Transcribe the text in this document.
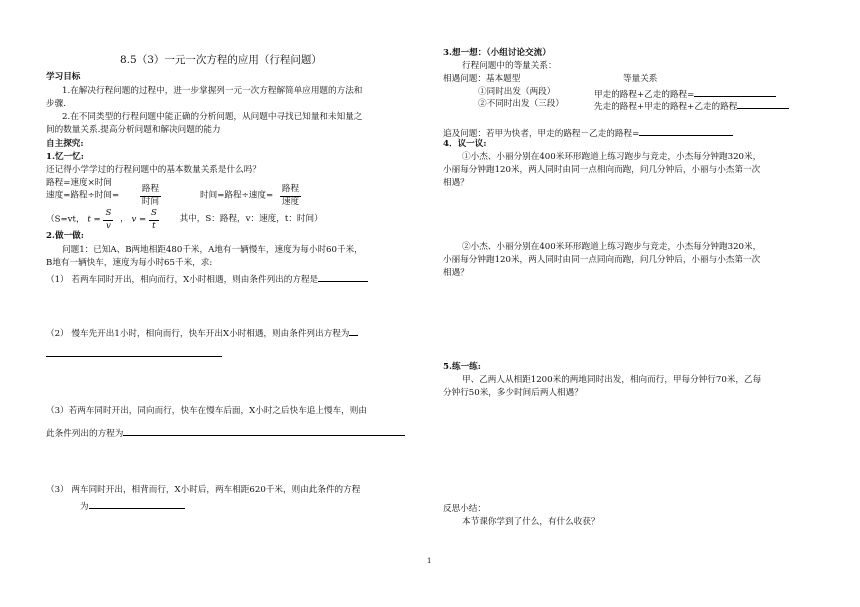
8.5（3）一元一次方程的应用（行程问题）
学习目标
1.在解决行程问题的过程中，进一步掌握列一元一次方程解简单应用题的方法和
步骤.
2.在不同类型的行程问题中能正确的分析问题，从问题中寻找已知量和未知量之
间的数量关系.提高分析问题和解决问题的能力
自主探究:
1.忆一忆:
还记得小学学过的行程问题中的基本数量关系是什么吗？
路程=速度×时间
速度=路程÷时间= $\frac{\text{路程}}{\text{时间}}$	时间=路程÷速度= $\frac{\text{路程}}{\text{速度}}$
（S=vt， $t = \frac{S}{v}$ ， $v = \frac{S}{t}$ 其中，S：路程，v：速度，t：时间）
2.做一做:
问题1：已知A、B两地相距480千米，A地有一辆慢车，速度为每小时60千米，
B地有一辆快车，速度为每小时65千米，求:
（1） 若两车同时开出，相向而行，X小时相遇，则由条件列出的方程是
（2） 慢车先开出1小时，相向而行，快车开出X小时相遇，则由条件列出方程为
（3）若两车同时开出，同向而行，快车在慢车后面，X小时之后快车追上慢车，则由
此条件列出的方程为
（3） 两车同时开出，相背而行，X小时后，两车相距620千米，则由此条件的方程
为
3.想一想：（小组讨论交流）
行程问题中的等量关系：
相遇问题：基本题型	等量关系
①同时出发（两段）	甲走的路程+乙走的路程=
②不同时出发（三段）	先走的路程+甲走的路程+乙走的路程
追及问题：若甲为快者，甲走的路程－乙走的路程=
4．议一议:
①小杰、小丽分别在400米环形跑道上练习跑步与竞走，小杰每分钟跑320米，
小丽每分钟跑120米，两人同时由同一点相向而跑，问几分钟后，小丽与小杰第一次
相遇？
②小杰、小丽分别在400米环形跑道上练习跑步与竞走，小杰每分钟跑320米，
小丽每分钟跑120米，两人同时由同一点同向而跑，问几分钟后，小丽与小杰第一次
相遇？
5.练一练:
甲、乙两人从相距1200米的两地同时出发，相向而行，甲每分钟行70米，乙每
分钟行50米，多少时间后两人相遇？
反思小结：
本节课你学到了什么，有什么收获？
1
